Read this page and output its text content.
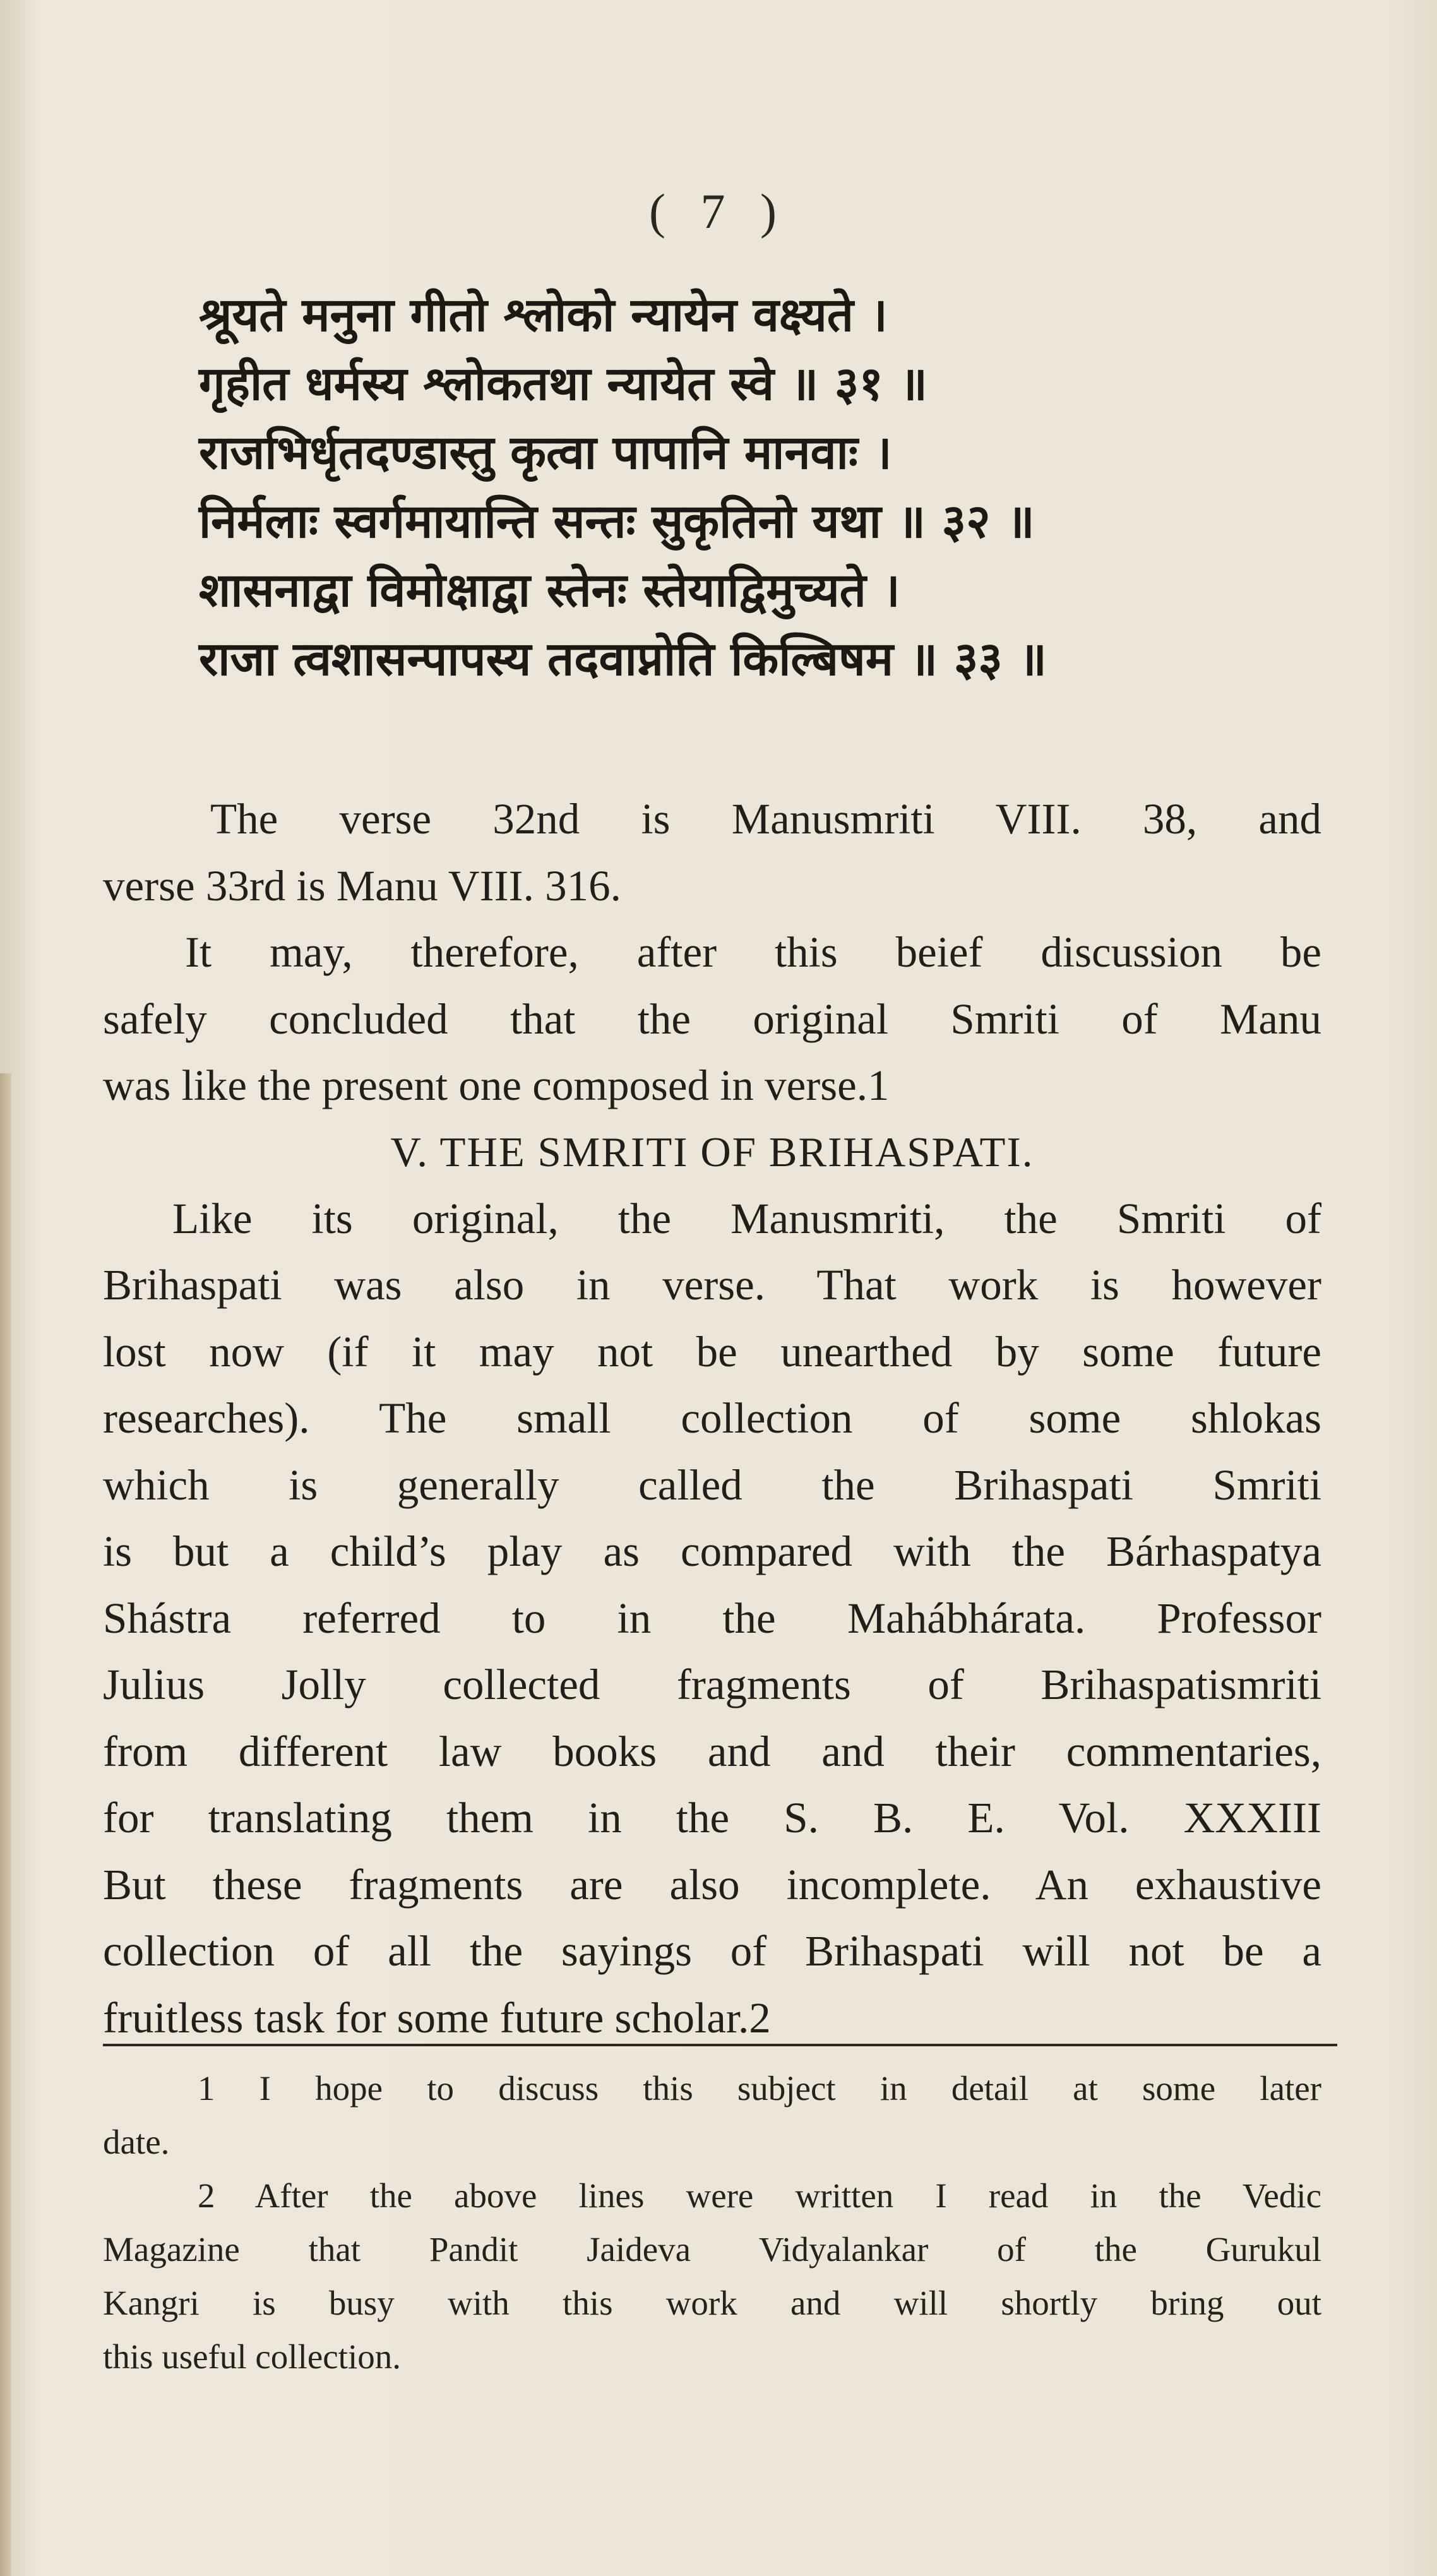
( 7 )
श्रूयते मनुना गीतो श्लोको न्यायेन वक्ष्यते ।
गृहीत धर्मस्य श्लोकतथा न्यायेत स्वे ॥ ३१ ॥
राजभिर्धृतदण्डास्तु कृत्वा पापानि मानवाः ।
निर्मलाः स्वर्गमायान्ति सन्तः सुकृतिनो यथा ॥ ३२ ॥
शासनाद्वा विमोक्षाद्वा स्तेनः स्तेयाद्विमुच्यते ।
राजा त्वशासन्पापस्य तदवाप्नोति किल्बिषम ॥ ३३ ॥
The verse 32nd is Manusmriti VIII. 38, and
verse 33rd is Manu VIII. 316.
It may, therefore, after this beief discussion be
safely concluded that the original Smriti of Manu
was like the present one composed in verse.1
V. THE SMRITI OF BRIHASPATI.
Like its original, the Manusmriti, the Smriti of
Brihaspati was also in verse. That work is however
lost now (if it may not be unearthed by some future
researches). The small collection of some shlokas
which is generally called the Brihaspati Smriti
is but a child’s play as compared with the Bárhaspatya
Shástra referred to in the Mahábhárata. Professor
Julius Jolly collected fragments of Brihaspatismriti
from different law books and and their commentaries,
for translating them in the S. B. E. Vol. XXXIII
But these fragments are also incomplete. An exhaustive
collection of all the sayings of Brihaspati will not be a
fruitless task for some future scholar.2
1 I hope to discuss this subject in detail at some later
date.
2 After the above lines were written I read in the Vedic
Magazine that Pandit Jaideva Vidyalankar of the Gurukul
Kangri is busy with this work and will shortly bring out
this useful collection.
